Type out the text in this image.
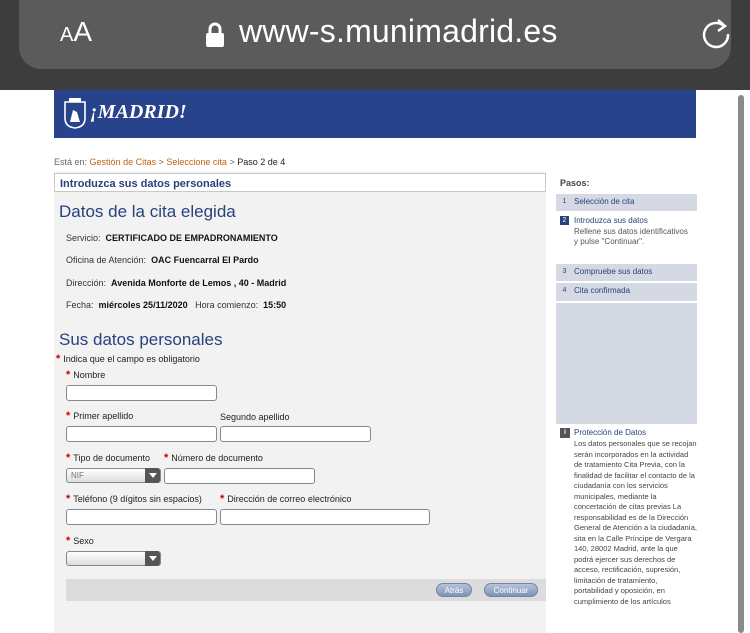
AA	www-s.munimadrid.es
¡MADRID!
Está en: Gestión de Citas > Seleccione cita > Paso 2 de 4
Introduzca sus datos personales
Datos de la cita elegida
Servicio: CERTIFICADO DE EMPADRONAMIENTO
Oficina de Atención: OAC Fuencarral El Pardo
Dirección: Avenida Monforte de Lemos , 40 - Madrid
Fecha: miércoles 25/11/2020 Hora comienzo: 15:50
Sus datos personales
* Indica que el campo es obligatorio
* Nombre
* Primer apellido	Segundo apellido
* Tipo de documento
NIF
* Número de documento
* Teléfono (9 dígitos sin espacios) * Dirección de correo electrónico
* Sexo
Atrás	Continuar
Pasos:
1 Selección de cita
2 Introduzca sus datos
Rellene sus datos identificativos y pulse "Continuar".
3 Compruebe sus datos
4 Cita confirmada
i	Protección de Datos
Los datos personales que se recojan serán incorporados en la actividad de tratamiento Cita Previa, con la finalidad de facilitar el contacto de la ciudadanía con los servicios municipales, mediante la concertación de citas previas La responsabilidad es de la Dirección General de Atención a la ciudadanía, sita en la Calle Príncipe de Vergara 140, 28002 Madrid, ante la que podrá ejercer sus derechos de acceso, rectificación, supresión, limitación de tratamiento, portabilidad y oposición, en cumplimiento de los artículos
